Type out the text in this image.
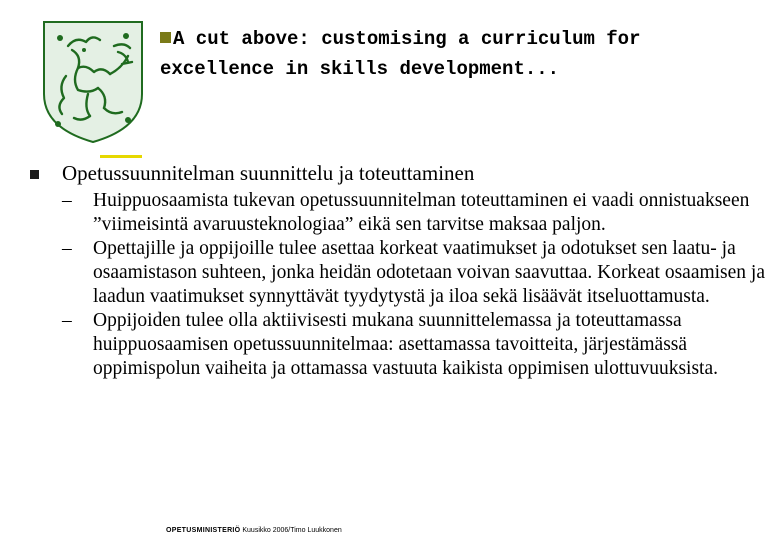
A cut above: customising a curriculum for excellence in skills development...
Opetussuunnitelman suunnittelu ja toteuttaminen
– Huippuosaamista tukevan opetussuunnitelman toteuttaminen ei vaadi onnistuakseen ”viimeisintä avaruusteknologiaa” eikä sen tarvitse maksaa paljon.
– Opettajille ja oppijoille tulee asettaa korkeat vaatimukset ja odotukset sen laatu- ja osaamistason suhteen, jonka heidän odotetaan voivan saavuttaa. Korkeat osaamisen ja laadun vaatimukset synnyttävät tyydytystä ja iloa sekä lisäävät itseluottamusta.
– Oppijoiden tulee olla aktiivisesti mukana suunnittelemassa ja toteuttamassa huippuosaamisen opetussuunnitelmaa: asettamassa tavoitteita, järjestämässä oppimispolun vaiheita ja ottamassa vastuuta kaikista oppimisen ulottuvuuksista.
OPETUSMINISTERIÖ Kuusikko 2006/Timo Luukkonen
